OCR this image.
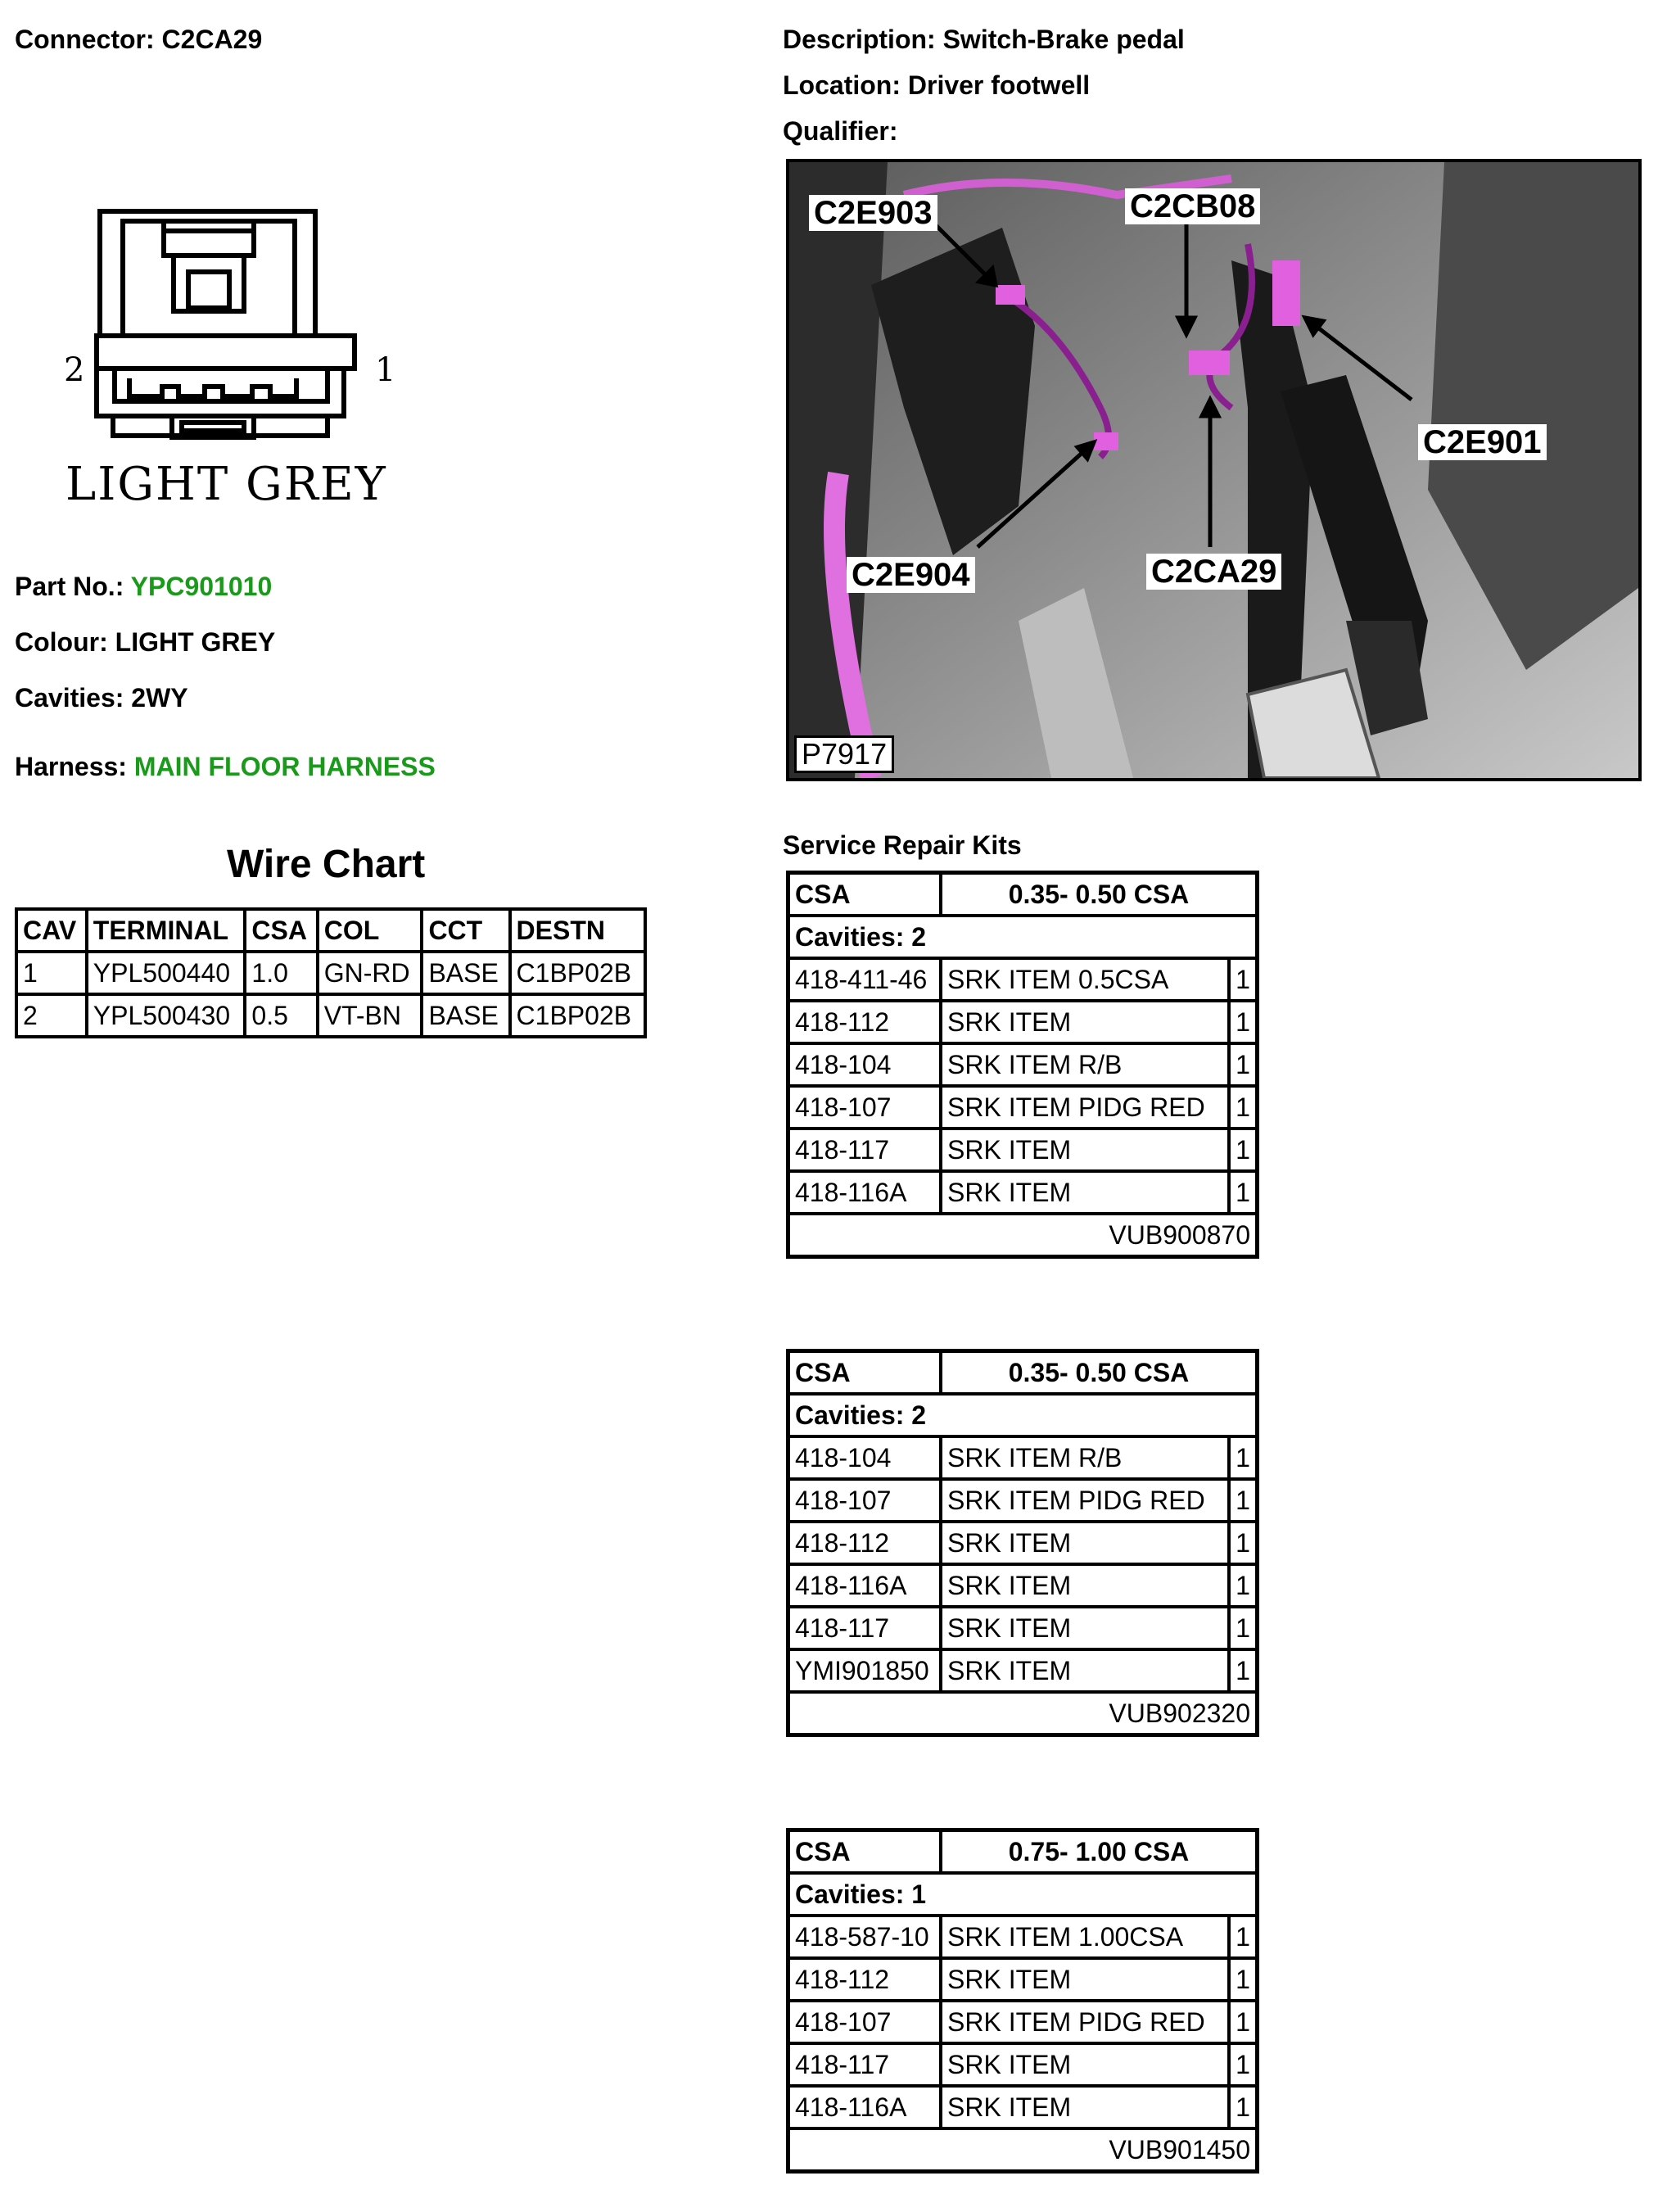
Connector: C2CA29
2	1
LIGHT GREY
Part No.: YPC901010
Colour: LIGHT GREY
Cavities: 2WY
Harness: MAIN FLOOR HARNESS
Wire Chart
CAV	TERMINAL	CSA	COL	CCT	DESTN
1	YPL500440	1.0	GN-RD	BASE	C1BP02B
2	YPL500430	0.5	VT-BN	BASE	C1BP02B
Description: Switch-Brake pedal
Location: Driver footwell
Qualifier:
C2E903	C2CB08
C2E901
C2E904	C2CA29
P7917
Service Repair Kits
CSA	0.35- 0.50 CSA	
Cavities: 2		
418-411-46	SRK ITEM 0.5CSA	1
418-112	SRK ITEM	1
418-104	SRK ITEM R/B	1
418-107	SRK ITEM PIDG RED	1
418-117	SRK ITEM	1
418-116A	SRK ITEM	1
VUB900870		
CSA	0.35- 0.50 CSA	
Cavities: 2		
418-104	SRK ITEM R/B	1
418-107	SRK ITEM PIDG RED	1
418-112	SRK ITEM	1
418-116A	SRK ITEM	1
418-117	SRK ITEM	1
YMI901850	SRK ITEM	1
VUB902320		
CSA	0.75- 1.00 CSA	
Cavities: 1		
418-587-10	SRK ITEM 1.00CSA	1
418-112	SRK ITEM	1
418-107	SRK ITEM PIDG RED	1
418-117	SRK ITEM	1
418-116A	SRK ITEM	1
VUB901450		
